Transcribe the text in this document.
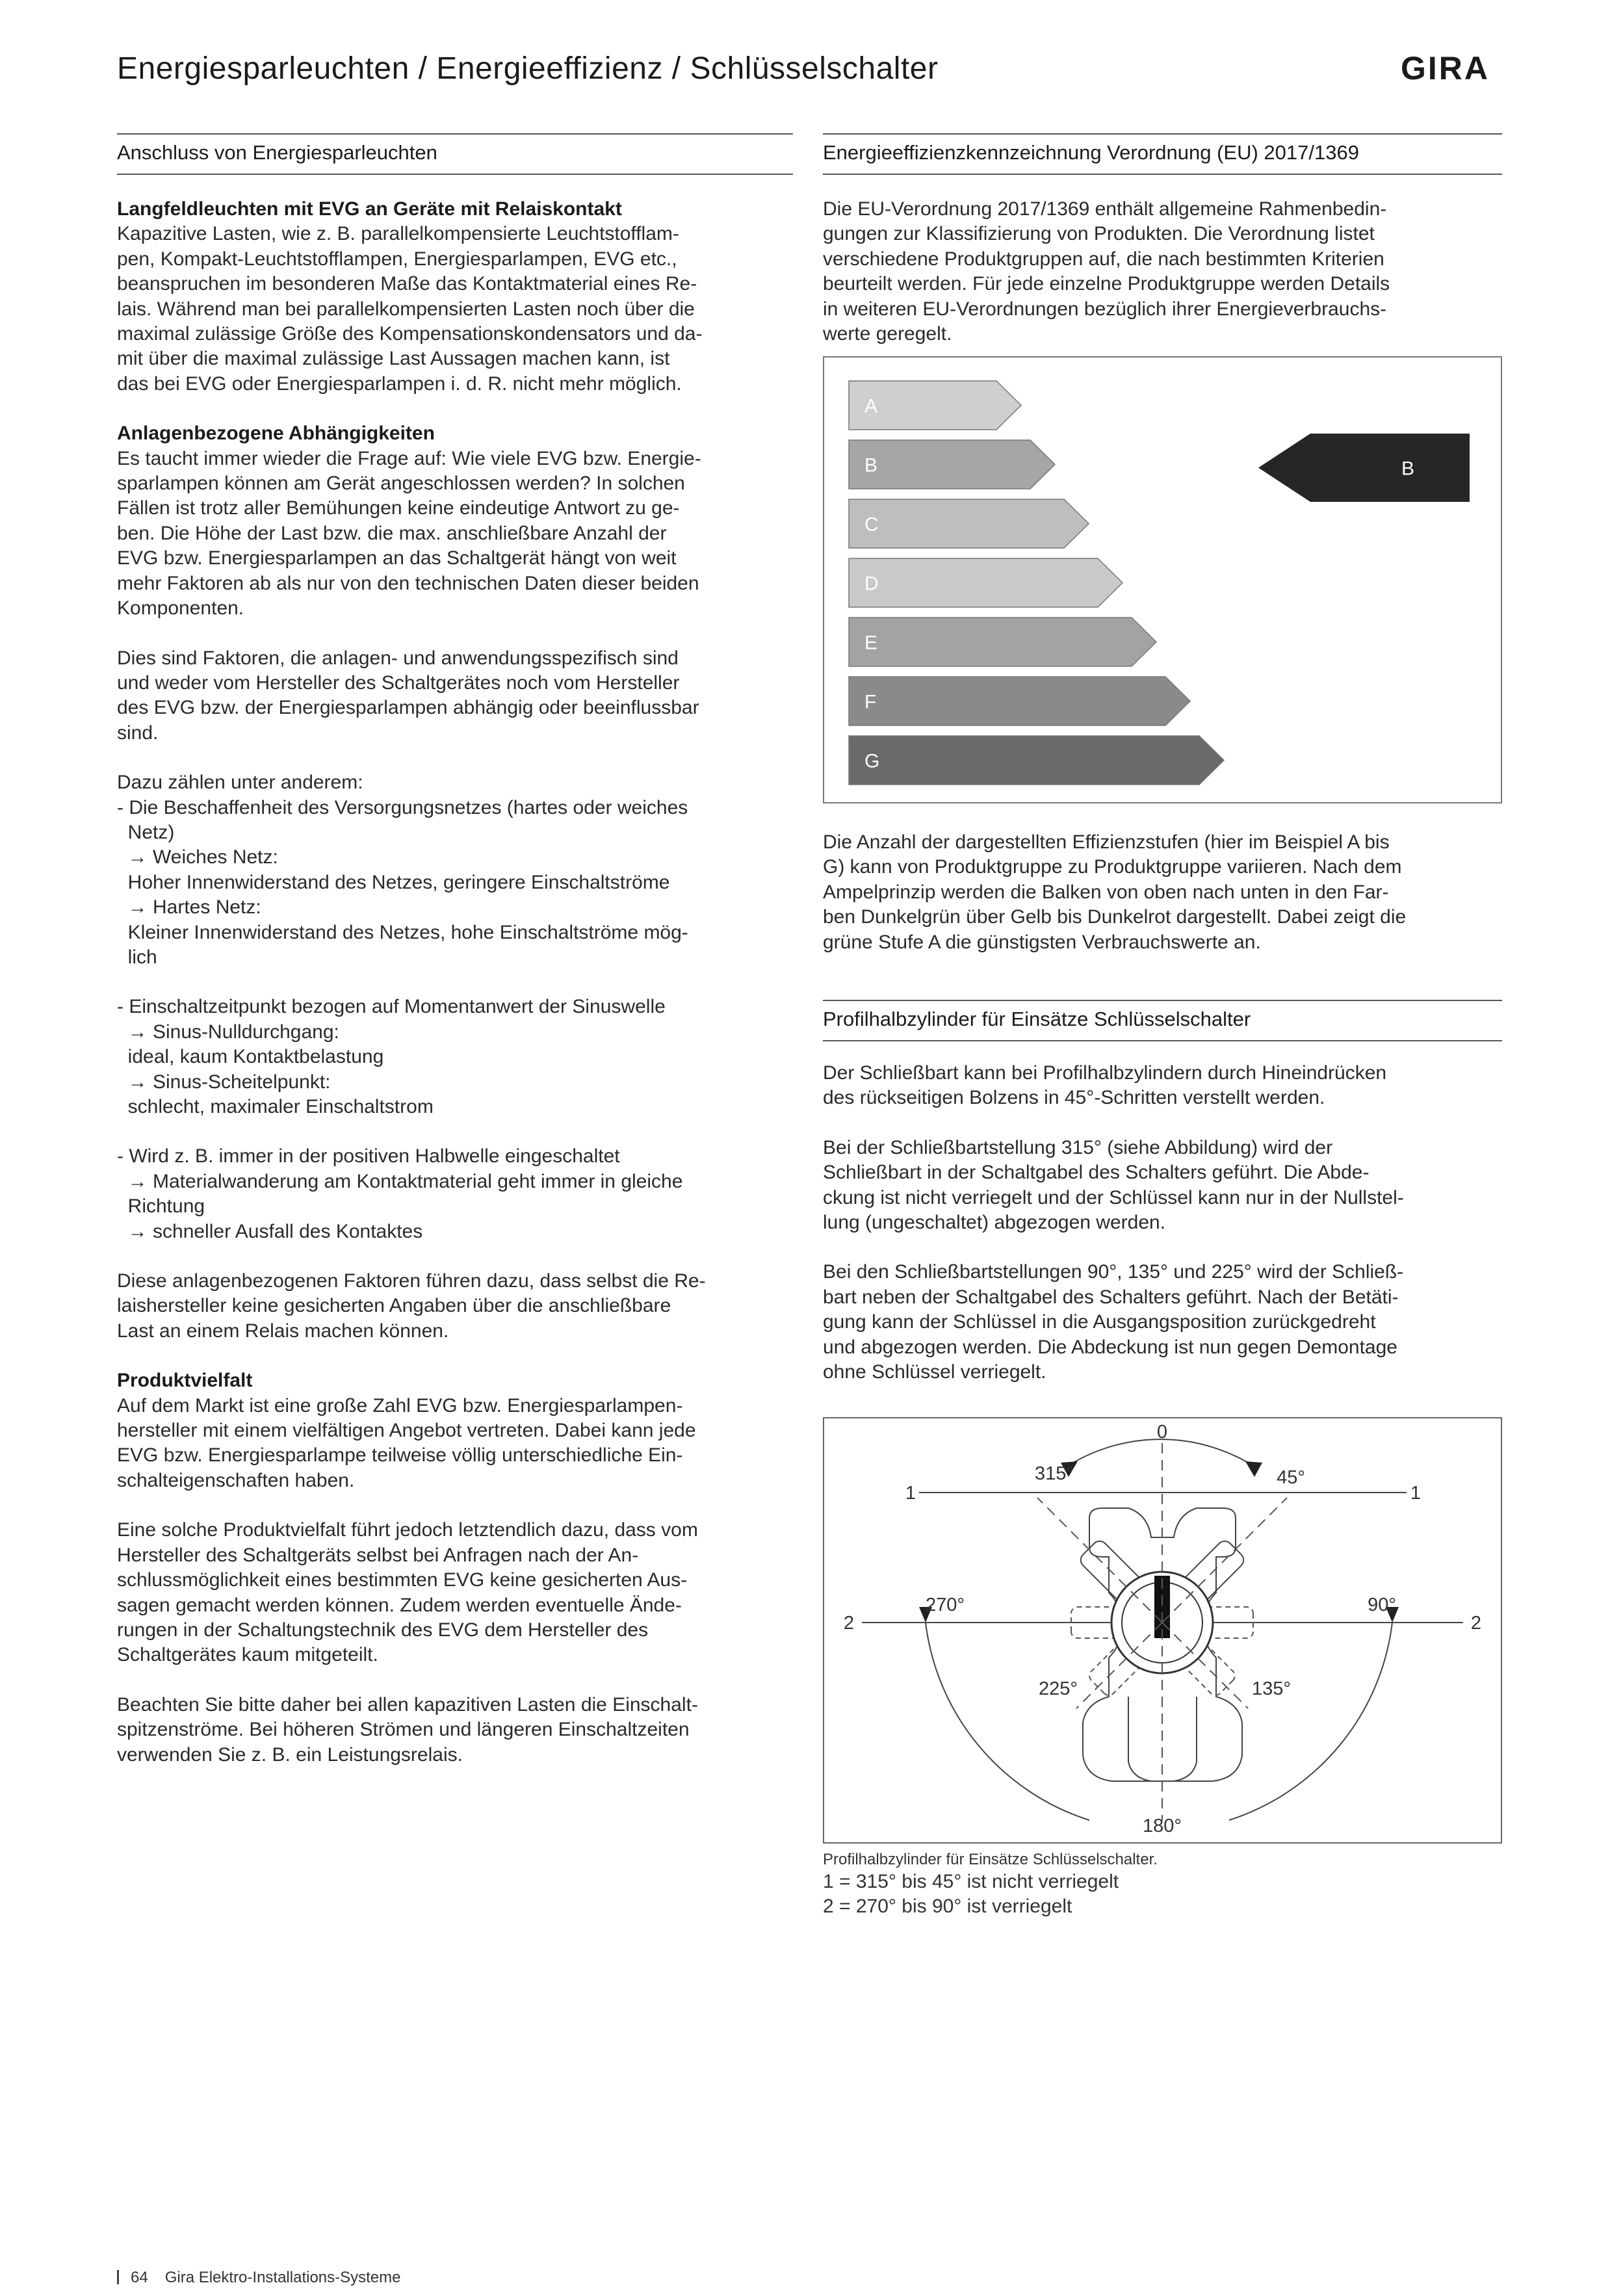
Energiesparleuchten / Energieeffizienz / Schlüsselschalter	GIRA
Anschluss von Energiesparleuchten
Langfeldleuchten mit EVG an Geräte mit Relaiskontakt

Kapazitive Lasten, wie z. B. parallelkompensierte Leuchtstofflam-
pen, Kompakt-Leuchtstofflampen, Energiesparlampen, EVG etc.,
beanspruchen im besonderen Maße das Kontaktmaterial eines Re-
lais. Während man bei parallelkompensierten Lasten noch über die
maximal zulässige Größe des Kompensationskondensators und da-
mit über die maximal zulässige Last Aussagen machen kann, ist
das bei EVG oder Energiesparlampen i. d. R. nicht mehr möglich.

Anlagenbezogene Abhängigkeiten

Es taucht immer wieder die Frage auf: Wie viele EVG bzw. Energie-
sparlampen können am Gerät angeschlossen werden? In solchen
Fällen ist trotz aller Bemühungen keine eindeutige Antwort zu ge-
ben. Die Höhe der Last bzw. die max. anschließbare Anzahl der
EVG bzw. Energiesparlampen an das Schaltgerät hängt von weit
mehr Faktoren ab als nur von den technischen Daten dieser beiden
Komponenten.

Dies sind Faktoren, die anlagen- und anwendungsspezifisch sind
und weder vom Hersteller des Schaltgerätes noch vom Hersteller
des EVG bzw. der Energiesparlampen abhängig oder beeinflussbar
sind.

Dazu zählen unter anderem:
- Die Beschaffenheit des Versorgungsnetzes (hartes oder weiches
Netz)
→ Weiches Netz:
Hoher Innenwiderstand des Netzes, geringere Einschaltströme
→ Hartes Netz:
Kleiner Innenwiderstand des Netzes, hohe Einschaltströme mög-
lich

- Einschaltzeitpunkt bezogen auf Momentanwert der Sinuswelle
→ Sinus-Nulldurchgang:
ideal, kaum Kontaktbelastung
→ Sinus-Scheitelpunkt:
schlecht, maximaler Einschaltstrom

- Wird z. B. immer in der positiven Halbwelle eingeschaltet
→ Materialwanderung am Kontaktmaterial geht immer in gleiche
Richtung
→ schneller Ausfall des Kontaktes

Diese anlagenbezogenen Faktoren führen dazu, dass selbst die Re-
laishersteller keine gesicherten Angaben über die anschließbare
Last an einem Relais machen können.

Produktvielfalt

Auf dem Markt ist eine große Zahl EVG bzw. Energiesparlampen-
hersteller mit einem vielfältigen Angebot vertreten. Dabei kann jede
EVG bzw. Energiesparlampe teilweise völlig unterschiedliche Ein-
schalteigenschaften haben.

Eine solche Produktvielfalt führt jedoch letztendlich dazu, dass vom
Hersteller des Schaltgeräts selbst bei Anfragen nach der An-
schlussmöglichkeit eines bestimmten EVG keine gesicherten Aus-
sagen gemacht werden können. Zudem werden eventuelle Ände-
rungen in der Schaltungstechnik des EVG dem Hersteller des
Schaltgerätes kaum mitgeteilt.

Beachten Sie bitte daher bei allen kapazitiven Lasten die Einschalt-
spitzenströme. Bei höheren Strömen und längeren Einschaltzeiten
verwenden Sie z. B. ein Leistungsrelais.

Energieeffizienzkennzeichnung Verordnung (EU) 2017/1369

Die EU-Verordnung 2017/1369 enthält allgemeine Rahmenbedin-
gungen zur Klassifizierung von Produkten. Die Verordnung listet
verschiedene Produktgruppen auf, die nach bestimmten Kriterien
beurteilt werden. Für jede einzelne Produktgruppe werden Details
in weiteren EU-Verordnungen bezüglich ihrer Energieverbrauchs-
werte geregelt.

A
B
C
D
E
F
G
B

Die Anzahl der dargestellten Effizienzstufen (hier im Beispiel A bis
G) kann von Produktgruppe zu Produktgruppe variieren. Nach dem
Ampelprinzip werden die Balken von oben nach unten in den Far-
ben Dunkelgrün über Gelb bis Dunkelrot dargestellt. Dabei zeigt die
grüne Stufe A die günstigsten Verbrauchswerte an.

Profilhalbzylinder für Einsätze Schlüsselschalter

Der Schließbart kann bei Profilhalbzylindern durch Hineindrücken
des rückseitigen Bolzens in 45°-Schritten verstellt werden.

Bei der Schließbartstellung 315° (siehe Abbildung) wird der
Schließbart in der Schaltgabel des Schalters geführt. Die Abde-
ckung ist nicht verriegelt und der Schlüssel kann nur in der Nullstel-
lung (ungeschaltet) abgezogen werden.

Bei den Schließbartstellungen 90°, 135° und 225° wird der Schließ-
bart neben der Schaltgabel des Schalters geführt. Nach der Betäti-
gung kann der Schlüssel in die Ausgangsposition zurückgedreht
und abgezogen werden. Die Abdeckung ist nun gegen Demontage
ohne Schlüssel verriegelt.

0
315°	45°
1	1
270°	90°
2	2
225°	135°
180°
Profilhalbzylinder für Einsätze Schlüsselschalter.
1 = 315° bis 45° ist nicht verriegelt
2 = 270° bis 90° ist verriegelt
64 Gira Elektro-Installations-Systeme
